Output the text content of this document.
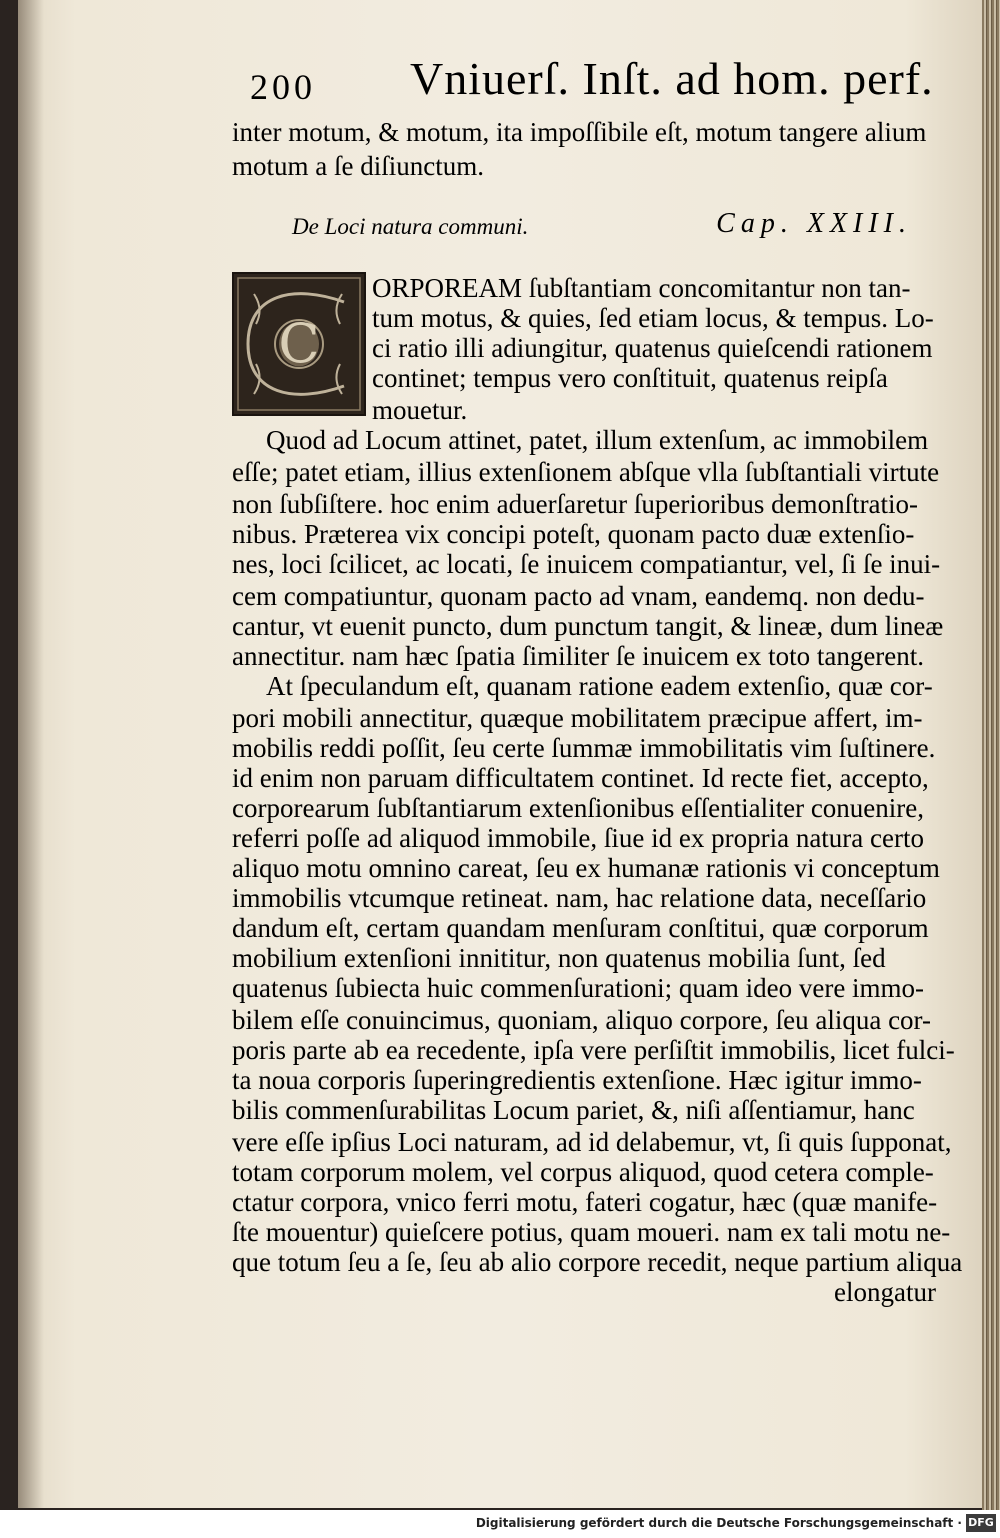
200 Vniuerſ. Inſt. ad hom. perf.
inter motum, & motum, ita impoſſibile eſt, motum tangere alium
motum a ſe diſiunctum.
De Loci natura communi.	Cap. XXIII.
C
ORPOREAM ſubſtantiam concomitantur non tan-
tum motus, & quies, ſed etiam locus, & tempus. Lo-
ci ratio illi adiungitur, quatenus quieſcendi rationem
continet; tempus vero conſtituit, quatenus reipſa
mouetur.
Quod ad Locum attinet, patet, illum extenſum, ac immobilem
eſſe; patet etiam, illius extenſionem abſque vlla ſubſtantiali virtute
non ſubſiſtere. hoc enim aduerſaretur ſuperioribus demonſtratio-
nibus. Præterea vix concipi poteſt, quonam pacto duæ extenſio-
nes, loci ſcilicet, ac locati, ſe inuicem compatiantur, vel, ſi ſe inui-
cem compatiuntur, quonam pacto ad vnam, eandemq. non dedu-
cantur, vt euenit puncto, dum punctum tangit, & lineæ, dum lineæ
annectitur. nam hæc ſpatia ſimiliter ſe inuicem ex toto tangerent.
At ſpeculandum eſt, quanam ratione eadem extenſio, quæ cor-
pori mobili annectitur, quæque mobilitatem præcipue affert, im-
mobilis reddi poſſit, ſeu certe ſummæ immobilitatis vim ſuſtinere.
id enim non paruam difficultatem continet. Id recte fiet, accepto,
corporearum ſubſtantiarum extenſionibus eſſentialiter conuenire,
referri poſſe ad aliquod immobile, ſiue id ex propria natura certo
aliquo motu omnino careat, ſeu ex humanæ rationis vi conceptum
immobilis vtcumque retineat. nam, hac relatione data, neceſſario
dandum eſt, certam quandam menſuram conſtitui, quæ corporum
mobilium extenſioni innititur, non quatenus mobilia ſunt, ſed
quatenus ſubiecta huic commenſurationi; quam ideo vere immo-
bilem eſſe conuincimus, quoniam, aliquo corpore, ſeu aliqua cor-
poris parte ab ea recedente, ipſa vere perſiſtit immobilis, licet fulci-
ta noua corporis ſuperingredientis extenſione. Hæc igitur immo-
bilis commenſurabilitas Locum pariet, &, niſi aſſentiamur, hanc
vere eſſe ipſius Loci naturam, ad id delabemur, vt, ſi quis ſupponat,
totam corporum molem, vel corpus aliquod, quod cetera comple-
ctatur corpora, vnico ferri motu, fateri cogatur, hæc (quæ manife-
ſte mouentur) quieſcere potius, quam moueri. nam ex tali motu ne-
que totum ſeu a ſe, ſeu ab alio corpore recedit, neque partium aliqua
elongatur
Digitalisierung gefördert durch die Deutsche Forschungsgemeinschaft · DFG
